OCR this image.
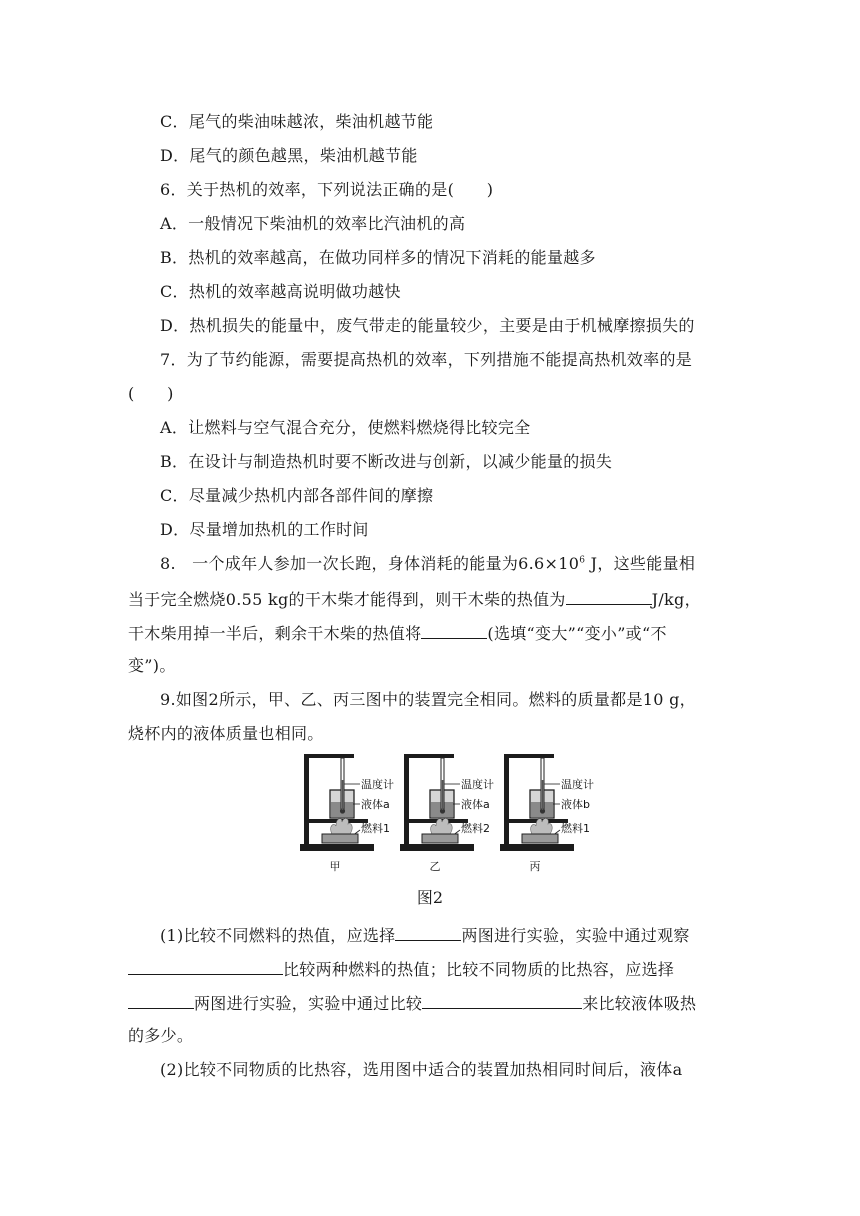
C．尾气的柴油味越浓，柴油机越节能
D．尾气的颜色越黑，柴油机越节能
6．关于热机的效率，下列说法正确的是(　　)
A．一般情况下柴油机的效率比汽油机的高
B．热机的效率越高，在做功同样多的情况下消耗的能量越多
C．热机的效率越高说明做功越快
D．热机损失的能量中，废气带走的能量较少，主要是由于机械摩擦损失的
7．为了节约能源，需要提高热机的效率，下列措施不能提高热机效率的是
(　　)
A．让燃料与空气混合充分，使燃料燃烧得比较完全
B．在设计与制造热机时要不断改进与创新，以减少能量的损失
C．尽量减少热机内部各部件间的摩擦
D．尽量增加热机的工作时间
8.　一个成年人参加一次长跑，身体消耗的能量为$6.6\times 10^6$ J，这些能量相
当于完全燃烧0.55 kg的干木柴才能得到，则干木柴的热值为	J/kg，
干木柴用掉一半后，剩余干木柴的热值将	(选填“变大”“变小”或“不
变”)。
9.如图2所示，甲、乙、丙三图中的装置完全相同。燃料的质量都是10 g，
烧杯内的液体质量也相同。
温度计
液体a
燃料1
甲
温度计
液体a
燃料2
乙
温度计
液体b
燃料1
丙
图2
(1)比较不同燃料的热值，应选择	两图进行实验，实验中通过观察
比较两种燃料的热值；比较不同物质的比热容，应选择
两图进行实验，实验中通过比较	来比较液体吸热
的多少。
(2)比较不同物质的比热容，选用图中适合的装置加热相同时间后，液体a
